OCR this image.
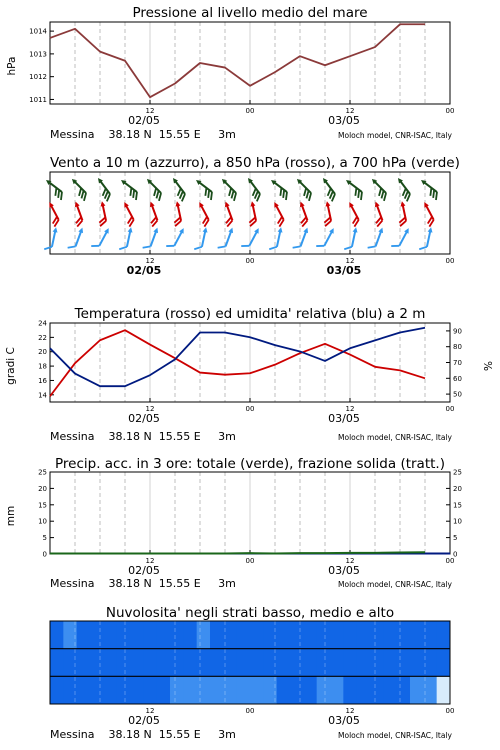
Pressione al livello medio del mare
hPa
12	00	12	00
02/05	03/05
1011
1012
1013
1014
Messina 38.18 N 15.55 E 3m	Moloch model, CNR-ISAC, Italy
Vento a 10 m (azzurro), a 850 hPa (rosso), a 700 hPa (verde)
12	00	12	00
02/05	03/05
Temperatura (rosso) ed umidita' relativa (blu) a 2 m
gradi C	%
12	00	12	00
02/05	03/05
14
16
18
20
22
24
50
60
70
80
90
Messina 38.18 N 15.55 E 3m	Moloch model, CNR-ISAC, Italy
Precip. acc. in 3 ore: totale (verde), frazione solida (tratt.)
mm
12	00	12	00
02/05	03/05
0
5
10
15
20
25
0
5
10
15
20
25
Messina 38.18 N 15.55 E 3m	Moloch model, CNR-ISAC, Italy
Nuvolosita' negli strati basso, medio e alto
12	00	12	00
02/05	03/05
Messina 38.18 N 15.55 E 3m	Moloch model, CNR-ISAC, Italy
